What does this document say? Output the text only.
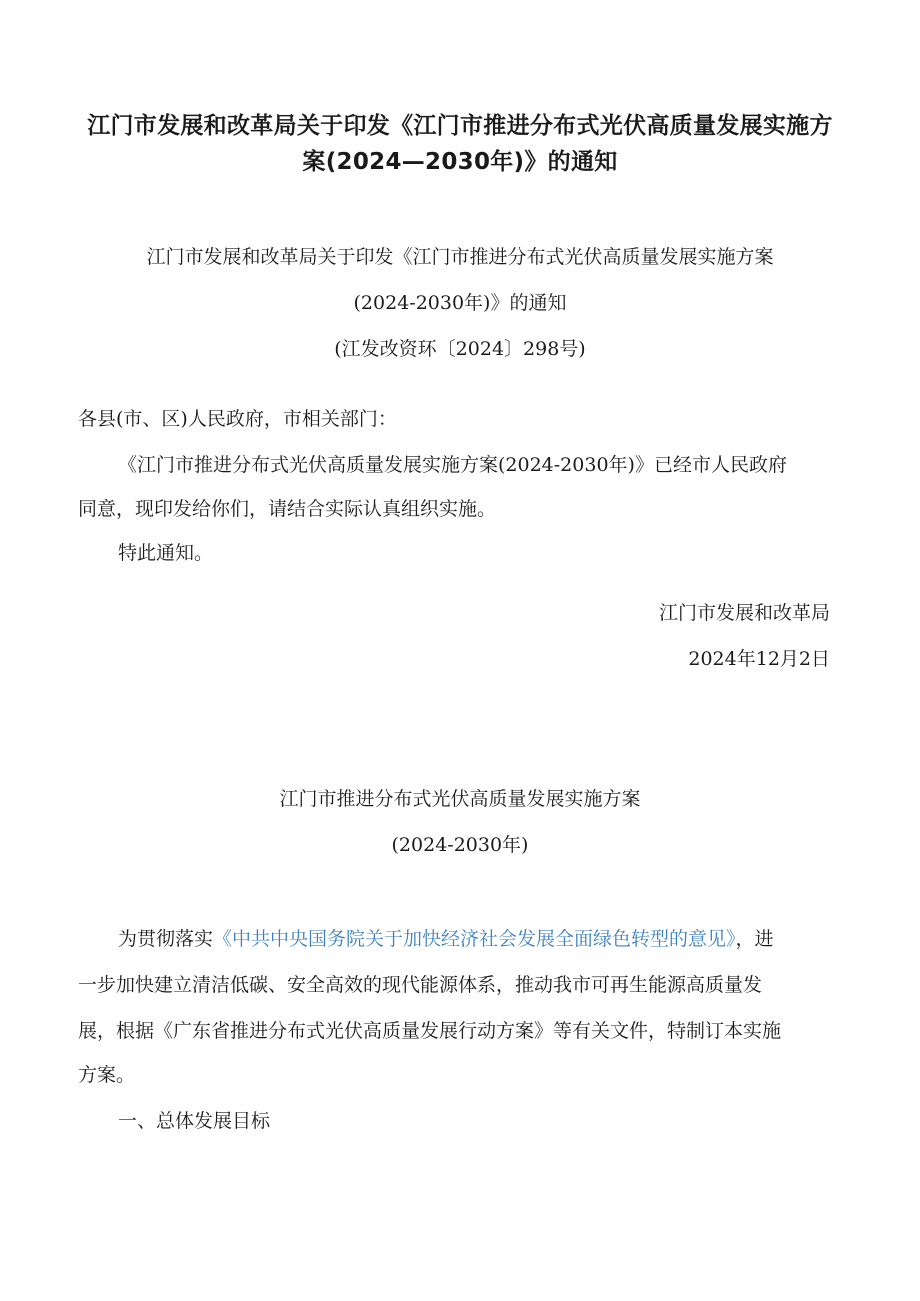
江门市发展和改革局关于印发《江门市推进分布式光伏高质量发展实施方
案(2024—2030年)》的通知
江门市发展和改革局关于印发《江门市推进分布式光伏高质量发展实施方案
(2024-2030年)》的通知
(江发改资环〔2024〕298号)
各县(市、区)人民政府，市相关部门：
《江门市推进分布式光伏高质量发展实施方案(2024-2030年)》已经市人民政府
同意，现印发给你们，请结合实际认真组织实施。
特此通知。
江门市发展和改革局
2024年12月2日
江门市推进分布式光伏高质量发展实施方案
(2024-2030年)
为贯彻落实《中共中央国务院关于加快经济社会发展全面绿色转型的意见》，进
一步加快建立清洁低碳、安全高效的现代能源体系，推动我市可再生能源高质量发
展，根据《广东省推进分布式光伏高质量发展行动方案》等有关文件，特制订本实施
方案。
一、总体发展目标
